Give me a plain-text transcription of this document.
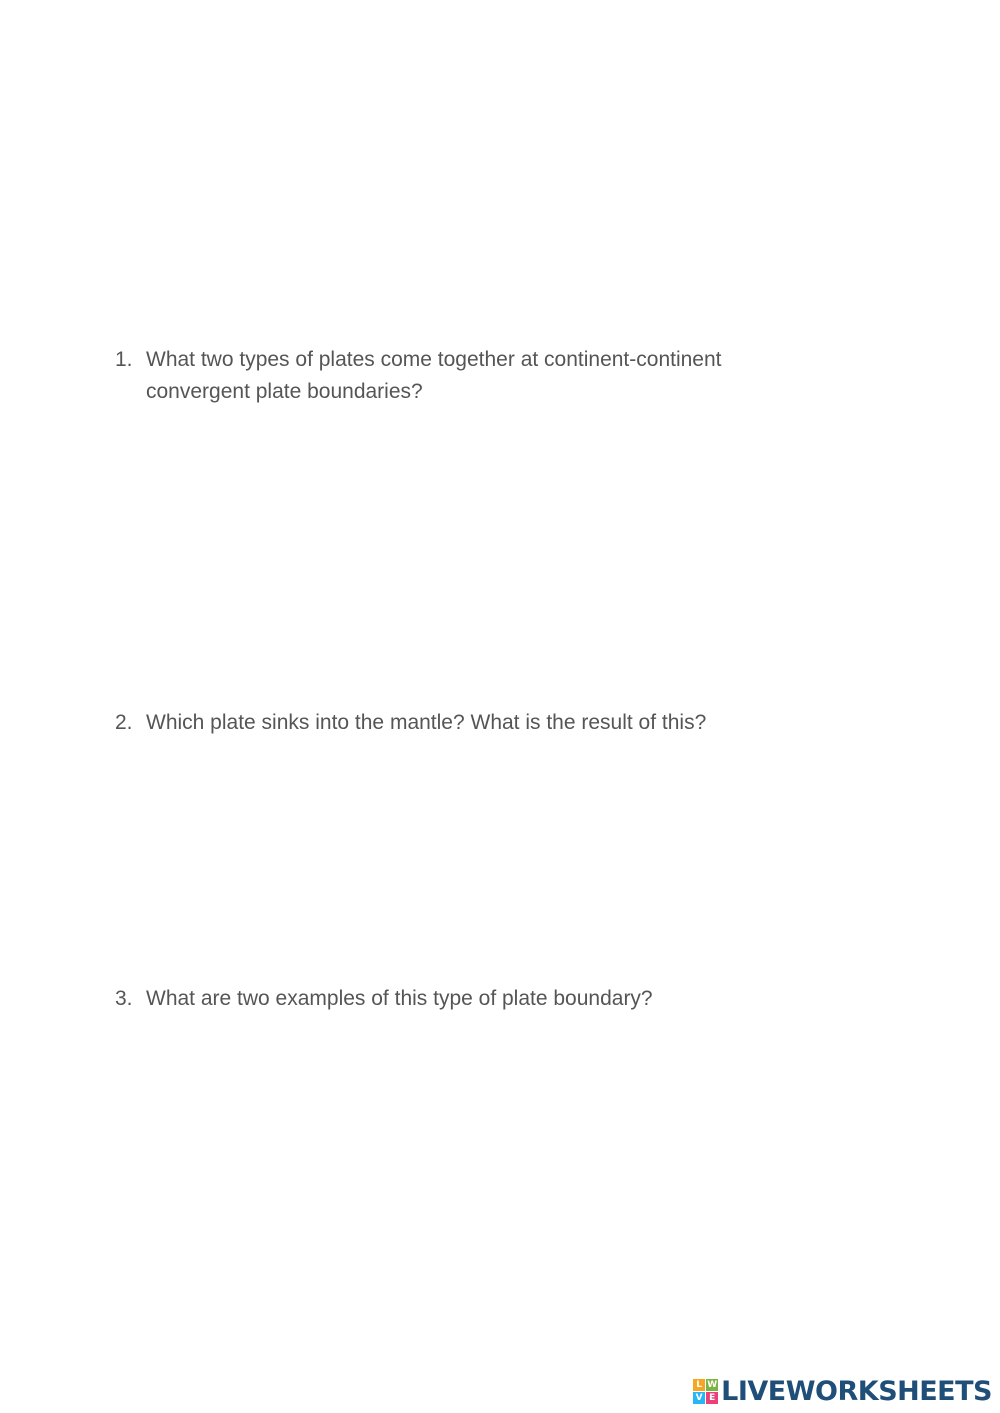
1. What two types of plates come together at continent-continent convergent plate boundaries?
2. Which plate sinks into the mantle? What is the result of this?
3. What are two examples of this type of plate boundary?
L W
V E LIVEWORKSHEETS
